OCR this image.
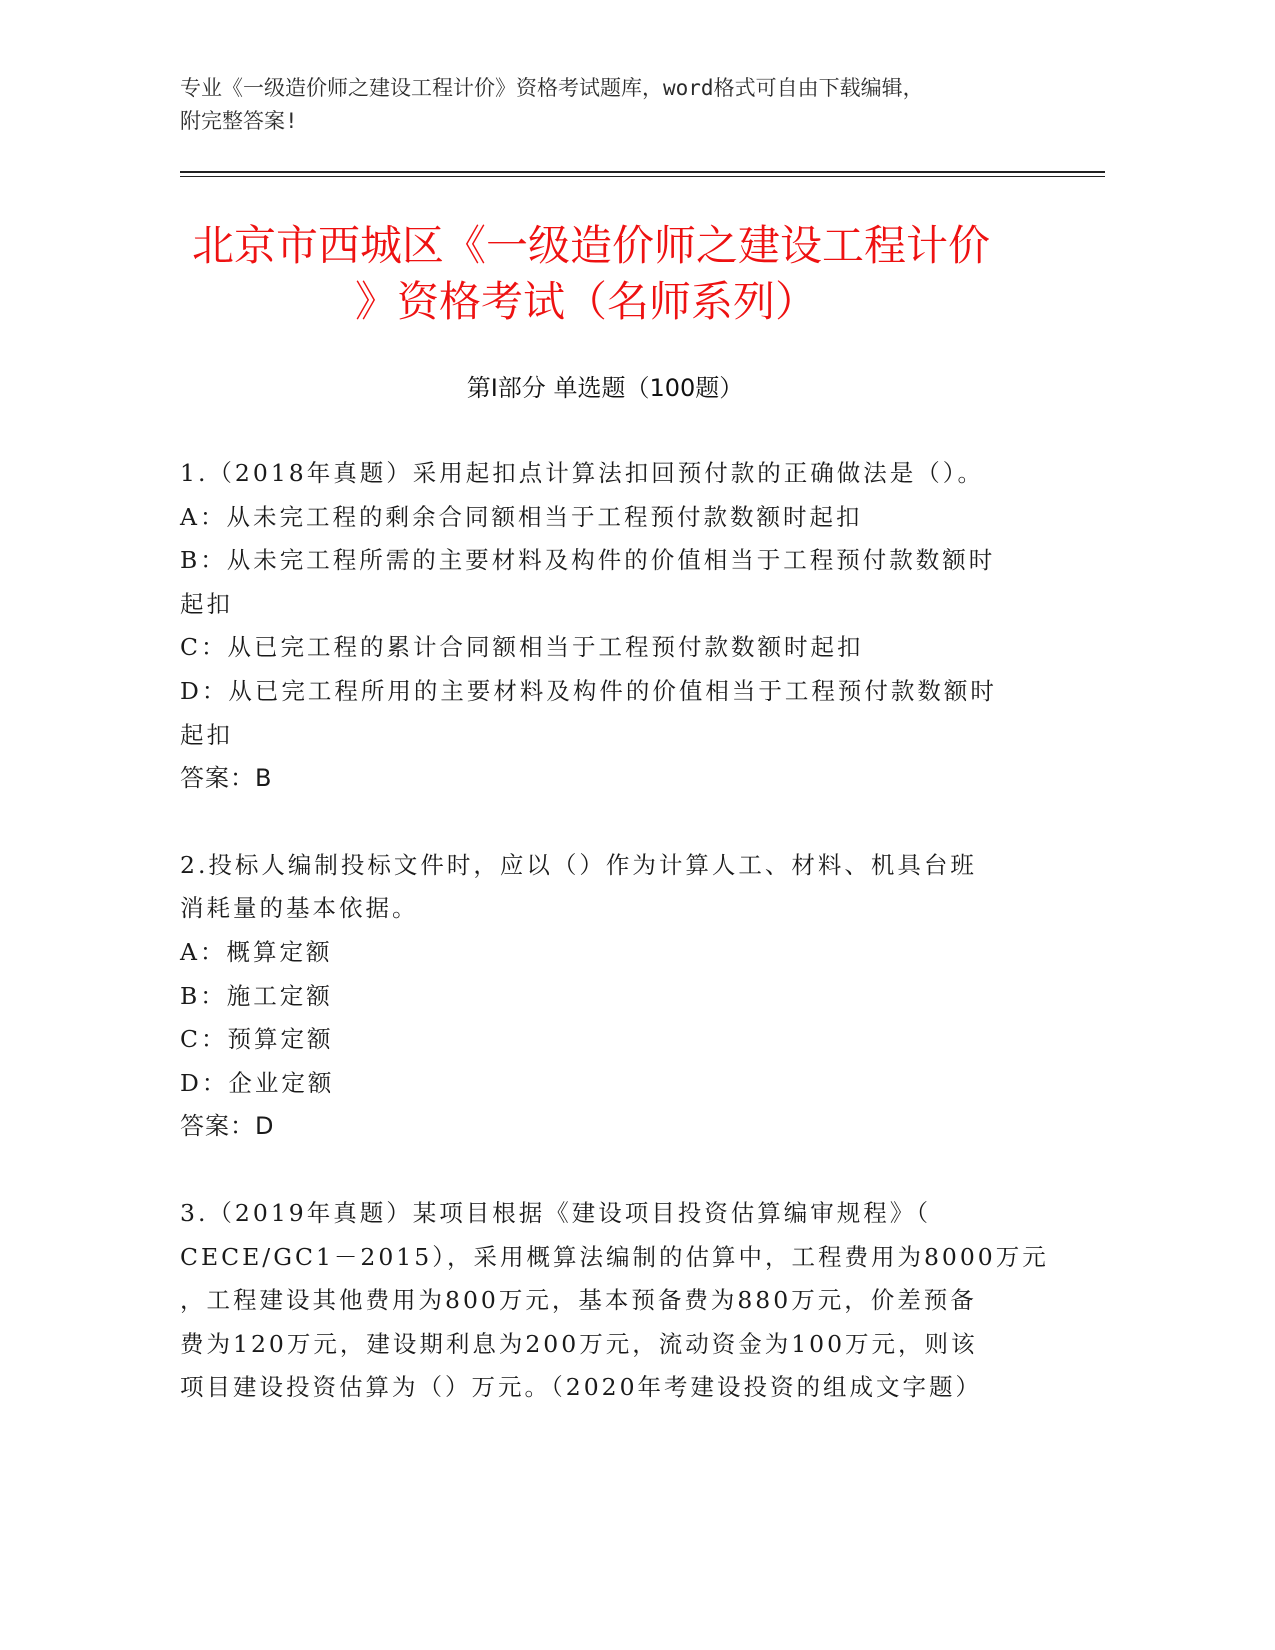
专业《一级造价师之建设工程计价》资格考试题库，word格式可自由下载编辑，
附完整答案!
北京市西城区《一级造价师之建设工程计价
》资格考试（名师系列）
第Ⅰ部分 单选题（100题）
1.（2018年真题）采用起扣点计算法扣回预付款的正确做法是（）。
A：从未完工程的剩余合同额相当于工程预付款数额时起扣
B：从未完工程所需的主要材料及构件的价值相当于工程预付款数额时
起扣
C：从已完工程的累计合同额相当于工程预付款数额时起扣
D：从已完工程所用的主要材料及构件的价值相当于工程预付款数额时
起扣
答案：B
2.投标人编制投标文件时，应以（）作为计算人工、材料、机具台班
消耗量的基本依据。
A：概算定额
B：施工定额
C：预算定额
D：企业定额
答案：D
3.（2019年真题）某项目根据《建设项目投资估算编审规程》（
CECE/GC1－2015），采用概算法编制的估算中，工程费用为8000万元
，工程建设其他费用为800万元，基本预备费为880万元，价差预备
费为120万元，建设期利息为200万元，流动资金为100万元，则该
项目建设投资估算为（）万元。（2020年考建设投资的组成文字题）
